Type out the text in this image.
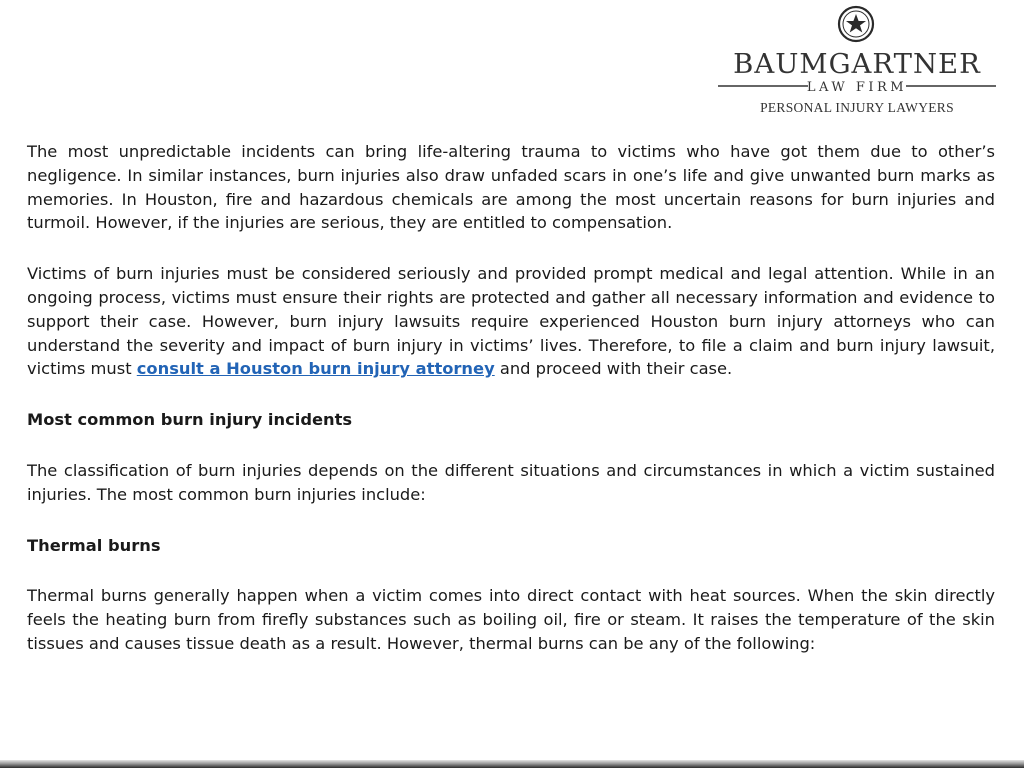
BAUMGARTNER
LAW FIRM
PERSONAL INJURY LAWYERS

The most unpredictable incidents can bring life-altering trauma to victims who have got them due to other’s negligence. In similar instances, burn injuries also draw unfaded scars in one’s life and give unwanted burn marks as memories. In Houston, fire and hazardous chemicals are among the most uncertain reasons for burn injuries and turmoil. However, if the injuries are serious, they are entitled to compensation.

Victims of burn injuries must be considered seriously and provided prompt medical and legal attention. While in an ongoing process, victims must ensure their rights are protected and gather all necessary information and evidence to support their case. However, burn injury lawsuits require experienced Houston burn injury attorneys who can understand the severity and impact of burn injury in victims’ lives. Therefore, to file a claim and burn injury lawsuit, victims must consult a Houston burn injury attorney and proceed with their case.

Most common burn injury incidents

The classification of burn injuries depends on the different situations and circumstances in which a victim sustained injuries. The most common burn injuries include:

Thermal burns

Thermal burns generally happen when a victim comes into direct contact with heat sources. When the skin directly feels the heating burn from firefly substances such as boiling oil, fire or steam. It raises the temperature of the skin tissues and causes tissue death as a result. However, thermal burns can be any of the following:
